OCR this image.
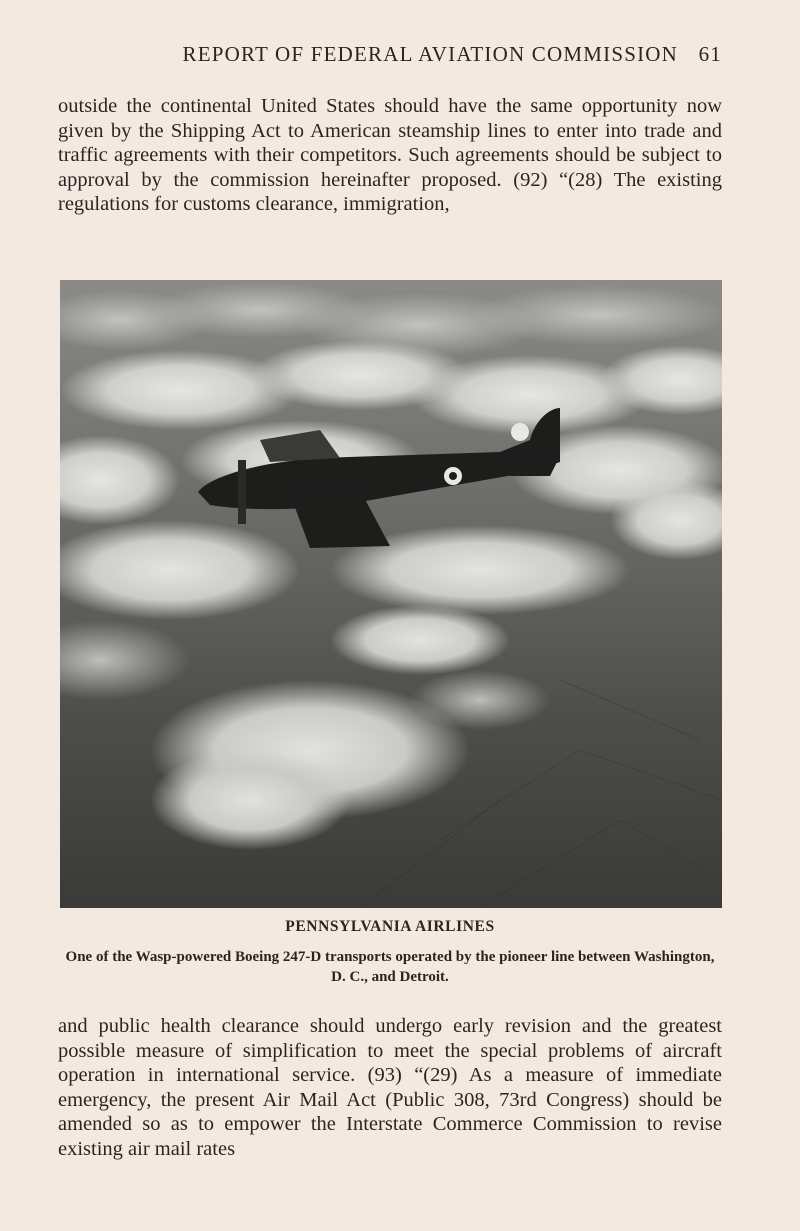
REPORT OF FEDERAL AVIATION COMMISSION 61

outside the continental United States should have the same opportunity now given by the Shipping Act to American steamship lines to enter into trade and traffic agreements with their competitors. Such agreements should be subject to approval by the commission hereinafter proposed. (92) “(28) The existing regulations for customs clearance, immigration,

PENNSYLVANIA AIRLINES
One of the Wasp-powered Boeing 247-D transports operated by the pioneer line between Washington, D. C., and Detroit.

and public health clearance should undergo early revision and the greatest possible measure of simplification to meet the special problems of aircraft operation in international service. (93) “(29) As a measure of immediate emergency, the present Air Mail Act (Public 308, 73rd Congress) should be amended so as to empower the Interstate Commerce Commission to revise existing air mail rates
